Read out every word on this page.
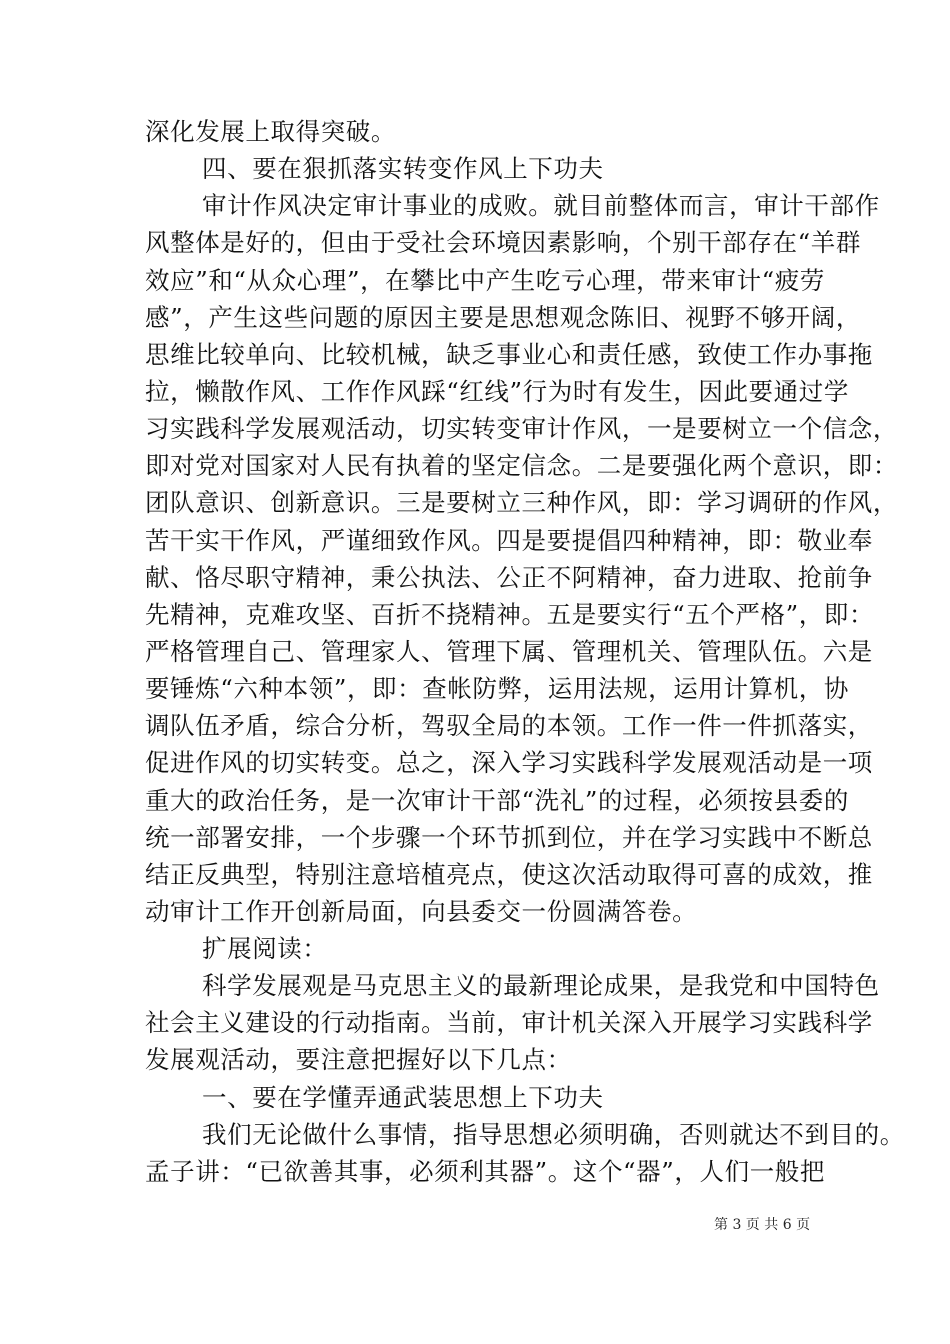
深化发展上取得突破。
四、要在狠抓落实转变作风上下功夫
审计作风决定审计事业的成败。就目前整体而言，审计干部作
风整体是好的，但由于受社会环境因素影响，个别干部存在“羊群
效应”和“从众心理”，在攀比中产生吃亏心理，带来审计“疲劳
感”，产生这些问题的原因主要是思想观念陈旧、视野不够开阔，
思维比较单向、比较机械，缺乏事业心和责任感，致使工作办事拖
拉，懒散作风、工作作风踩“红线”行为时有发生，因此要通过学
习实践科学发展观活动，切实转变审计作风，一是要树立一个信念，
即对党对国家对人民有执着的坚定信念。二是要强化两个意识，即：
团队意识、创新意识。三是要树立三种作风，即：学习调研的作风，
苦干实干作风，严谨细致作风。四是要提倡四种精神，即：敬业奉
献、恪尽职守精神，秉公执法、公正不阿精神，奋力进取、抢前争
先精神，克难攻坚、百折不挠精神。五是要实行“五个严格”，即：
严格管理自己、管理家人、管理下属、管理机关、管理队伍。六是
要锤炼“六种本领”，即：查帐防弊，运用法规，运用计算机，协
调队伍矛盾，综合分析，驾驭全局的本领。工作一件一件抓落实，
促进作风的切实转变。总之，深入学习实践科学发展观活动是一项
重大的政治任务，是一次审计干部“洗礼”的过程，必须按县委的
统一部署安排，一个步骤一个环节抓到位，并在学习实践中不断总
结正反典型，特别注意培植亮点，使这次活动取得可喜的成效，推
动审计工作开创新局面，向县委交一份圆满答卷。
扩展阅读：
科学发展观是马克思主义的最新理论成果，是我党和中国特色
社会主义建设的行动指南。当前，审计机关深入开展学习实践科学
发展观活动，要注意把握好以下几点：
一、要在学懂弄通武装思想上下功夫
我们无论做什么事情，指导思想必须明确，否则就达不到目的。
孟子讲：“已欲善其事，必须利其器”。这个“器”，人们一般把
第 3 页 共 6 页
